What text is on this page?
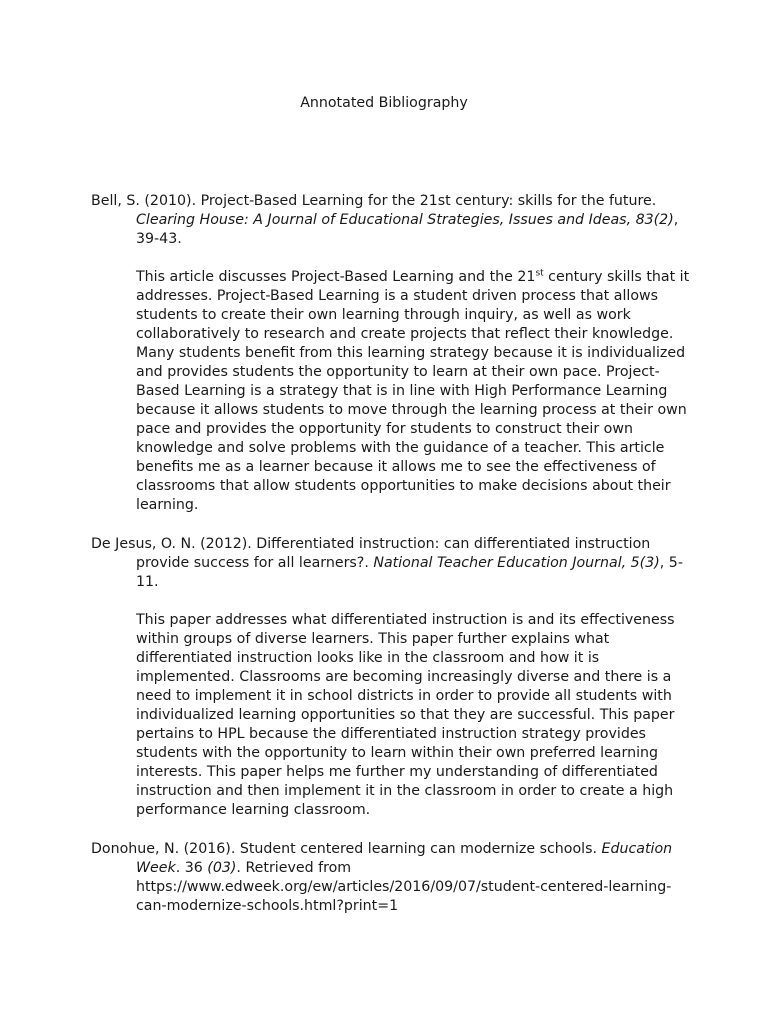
Annotated Bibliography

Bell, S. (2010). Project-Based Learning for the 21st century: skills for the future. Clearing House: A Journal of Educational Strategies, Issues and Ideas, 83(2), 39-43.

This article discusses Project-Based Learning and the 21st century skills that it addresses. Project-Based Learning is a student driven process that allows students to create their own learning through inquiry, as well as work collaboratively to research and create projects that reflect their knowledge. Many students benefit from this learning strategy because it is individualized and provides students the opportunity to learn at their own pace. Project-Based Learning is a strategy that is in line with High Performance Learning because it allows students to move through the learning process at their own pace and provides the opportunity for students to construct their own knowledge and solve problems with the guidance of a teacher. This article benefits me as a learner because it allows me to see the effectiveness of classrooms that allow students opportunities to make decisions about their learning.

De Jesus, O. N. (2012). Differentiated instruction: can differentiated instruction provide success for all learners?. National Teacher Education Journal, 5(3), 5-11.

This paper addresses what differentiated instruction is and its effectiveness within groups of diverse learners. This paper further explains what differentiated instruction looks like in the classroom and how it is implemented. Classrooms are becoming increasingly diverse and there is a need to implement it in school districts in order to provide all students with individualized learning opportunities so that they are successful. This paper pertains to HPL because the differentiated instruction strategy provides students with the opportunity to learn within their own preferred learning interests. This paper helps me further my understanding of differentiated instruction and then implement it in the classroom in order to create a high performance learning classroom.

Donohue, N. (2016). Student centered learning can modernize schools. Education Week. 36 (03). Retrieved from https://www.edweek.org/ew/articles/2016/09/07/student-centered-learning-can-modernize-schools.html?print=1
